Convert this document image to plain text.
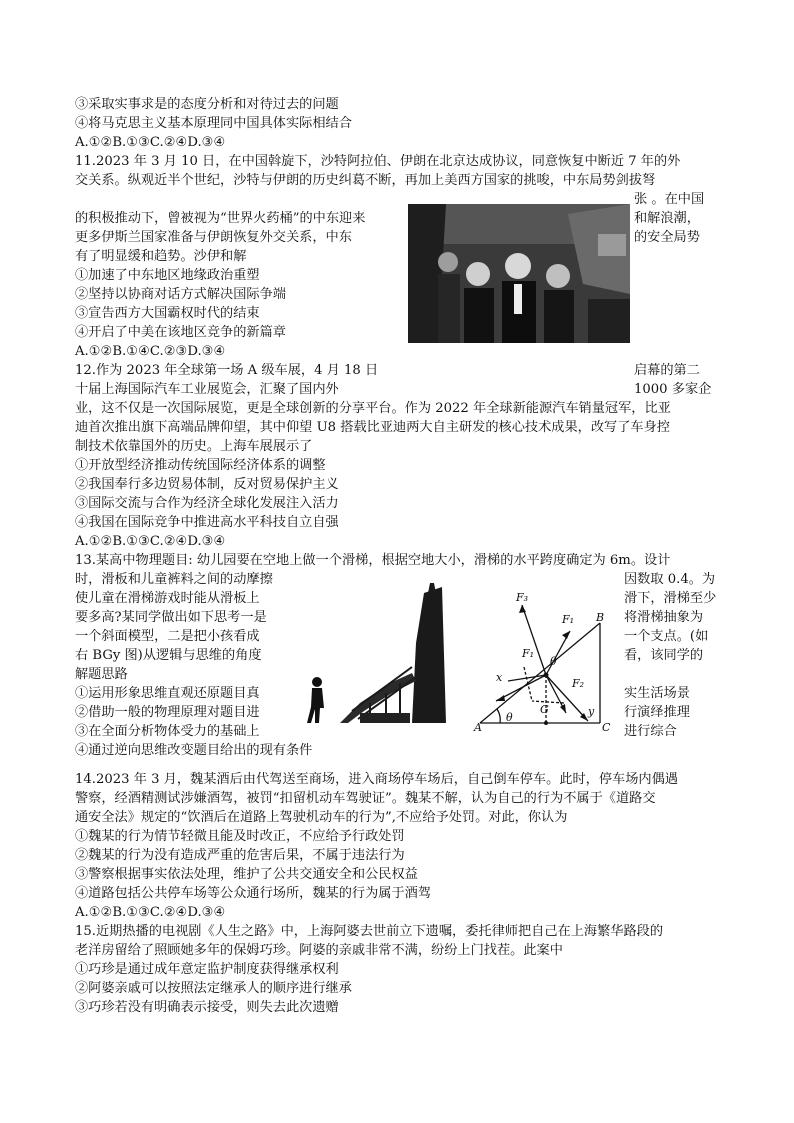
③采取实事求是的态度分析和对待过去的问题
④将马克思主义基本原理同中国具体实际相结合
A.①②B.①③C.②④D.③④
11.2023 年 3 月 10 日，在中国斡旋下，沙特阿拉伯、伊朗在北京达成协议，同意恢复中断近 7 年的外
交关系。纵观近半个世纪，沙特与伊朗的历史纠葛不断，再加上美西方国家的挑唆，中东局势剑拔弩
张 。在中国
的积极推动下，曾被视为“世界火药桶”的中东迎来	和解浪潮，
更多伊斯兰国家准备与伊朗恢复外交关系，中东	的安全局势
有了明显缓和趋势。沙伊和解
①加速了中东地区地缘政治重塑
②坚持以协商对话方式解决国际争端
③宣告西方大国霸权时代的结束
④开启了中美在该地区竞争的新篇章
A.①②B.①④C.②③D.③④
12.作为 2023 年全球第一场 A 级车展，4 月 18 日	启幕的第二
十届上海国际汽车工业展览会，汇聚了国内外	1000 多家企
业，这不仅是一次国际展览，更是全球创新的分享平台。作为 2022 年全球新能源汽车销量冠军，比亚
迪首次推出旗下高端品牌仰望，其中仰望 U8 搭载比亚迪两大自主研发的核心技术成果，改写了车身控
制技术依靠国外的历史。上海车展展示了
①开放型经济推动传统国际经济体系的调整
②我国奉行多边贸易体制，反对贸易保护主义
③国际交流与合作为经济全球化发展注入活力
④我国在国际竞争中推进高水平科技自立自强
A.①②B.①③C.②④D.③④
13.某高中物理题目: 幼儿园要在空地上做一个滑梯，根据空地大小，滑梯的水平跨度确定为 6m。设计
时，滑板和儿童裤料之间的动摩擦	因数取 0.4。为
使儿童在滑梯游戏时能从滑板上	滑下，滑梯至少
要多高?某同学做出如下思考一是	将滑梯抽象为
一个斜面模型，二是把小孩看成	一个支点。(如
右 BGy 图)从逻辑与思维的角度	看，该同学的
解题思路
①运用形象思维直观还原题目真	实生活场景
②借助一般的物理原理对题目进	行演绎推理
③在全面分析物体受力的基础上	进行综合
④通过逆向思维改变题目给出的现有条件
F₃
F₁
F₁
θ
F₂
x
y
B
G
A	C
θ
14.2023 年 3 月，魏某酒后由代驾送至商场，进入商场停车场后，自己倒车停车。此时，停车场内偶遇
警察，经酒精测试涉嫌酒驾，被罚“扣留机动车驾驶证”。魏某不解，认为自己的行为不属于《道路交
通安全法》规定的“饮酒后在道路上驾驶机动车的行为”,不应给予处罚。对此，你认为
①魏某的行为情节轻微且能及时改正，不应给予行政处罚
②魏某的行为没有造成严重的危害后果，不属于违法行为
③警察根据事实依法处理，维护了公共交通安全和公民权益
④道路包括公共停车场等公众通行场所，魏某的行为属于酒驾
A.①②B.①③C.②④D.③④
15.近期热播的电视剧《人生之路》中，上海阿婆去世前立下遗嘱，委托律师把自己在上海繁华路段的
老洋房留给了照顾她多年的保姆巧珍。阿婆的亲戚非常不满，纷纷上门找茬。此案中
①巧珍是通过成年意定监护制度获得继承权利
②阿婆亲戚可以按照法定继承人的顺序进行继承
③巧珍若没有明确表示接受，则失去此次遗赠
